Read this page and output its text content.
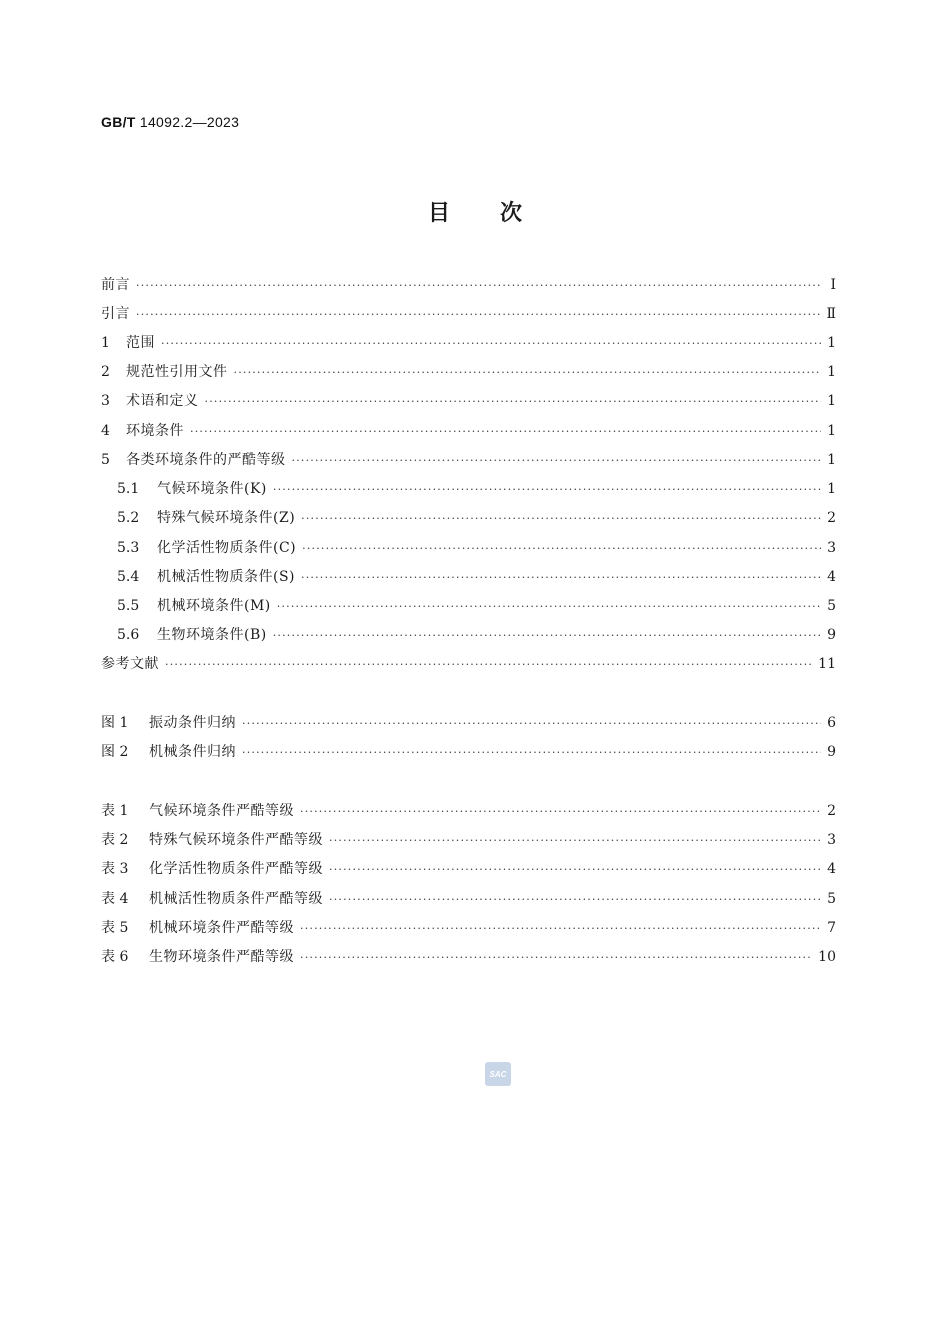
GB/T 14092.2—2023
目 次
前言 ·····	Ⅰ
引言 ·····	Ⅱ
1	范围 ·····	1
2	规范性引用文件 ·····	1
3	术语和定义 ·····	1
4	环境条件 ·····	1
5	各类环境条件的严酷等级 ·····	1
5.1	气候环境条件(K) ·····	1
5.2	特殊气候环境条件(Z) ·····	2
5.3	化学活性物质条件(C) ·····	3
5.4	机械活性物质条件(S) ·····	4
5.5	机械环境条件(M) ·····	5
5.6	生物环境条件(B) ·····	9
参考文献 ·····	11
图 1	振动条件归纳 ·····	6
图 2	机械条件归纳 ·····	9
表 1	气候环境条件严酷等级 ·····	2
表 2	特殊气候环境条件严酷等级 ·····	3
表 3	化学活性物质条件严酷等级 ·····	4
表 4	机械活性物质条件严酷等级 ·····	5
表 5	机械环境条件严酷等级 ·····	7
表 6	生物环境条件严酷等级 ·····	10
SAC
